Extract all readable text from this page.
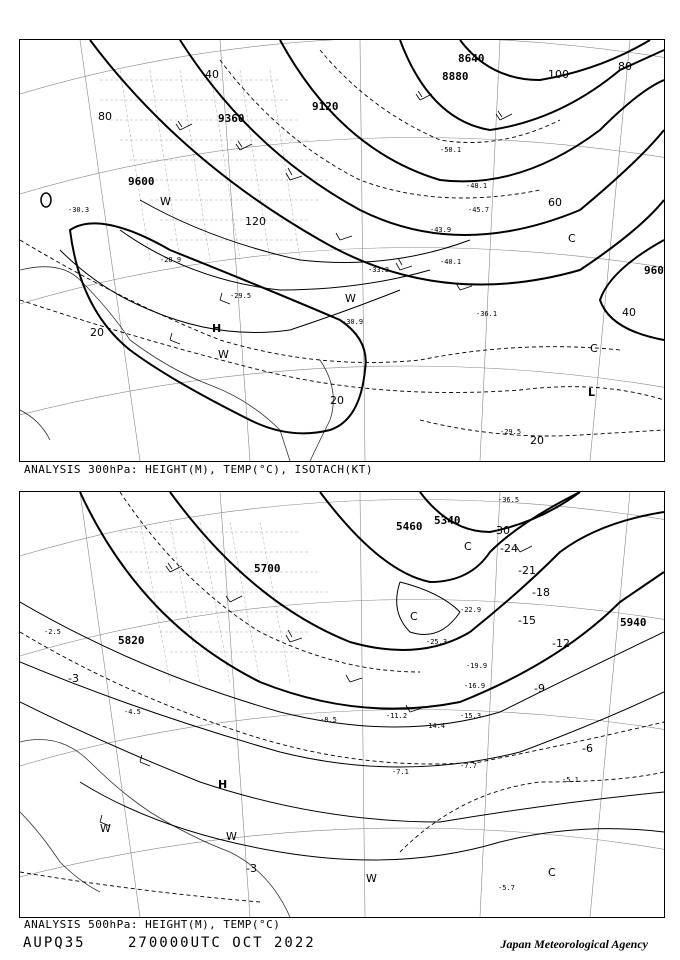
9600
9360
9120
8880
8640
960
40
80
120
100
80
60
40
20
20
20
-28.9
-29.5
-30.9
-33.3
-36.1
-40.1
-43.9
-45.7
-48.1
-50.1
-29.5
-30.3
H
L
C
C
W
W
W
ANALYSIS 300hPa: HEIGHT(M), TEMP(°C), ISOTACH(KT)
5700
5460 5340
5820
5940
-3
-9
-12
-15
-18
-21
-24
-30
-6
-3
-2.5
-4.5
-5.1
-5.7
-7.1
-7.7
-8.5	-11.2
-14.4
-15.3
-16.9
-19.9
-22.9
-25.3
-36.5
H
W
W
W
C
C
C
ANALYSIS 500hPa: HEIGHT(M), TEMP(°C)
AUPQ35	270000UTC OCT 2022	Japan Meteorological Agency
